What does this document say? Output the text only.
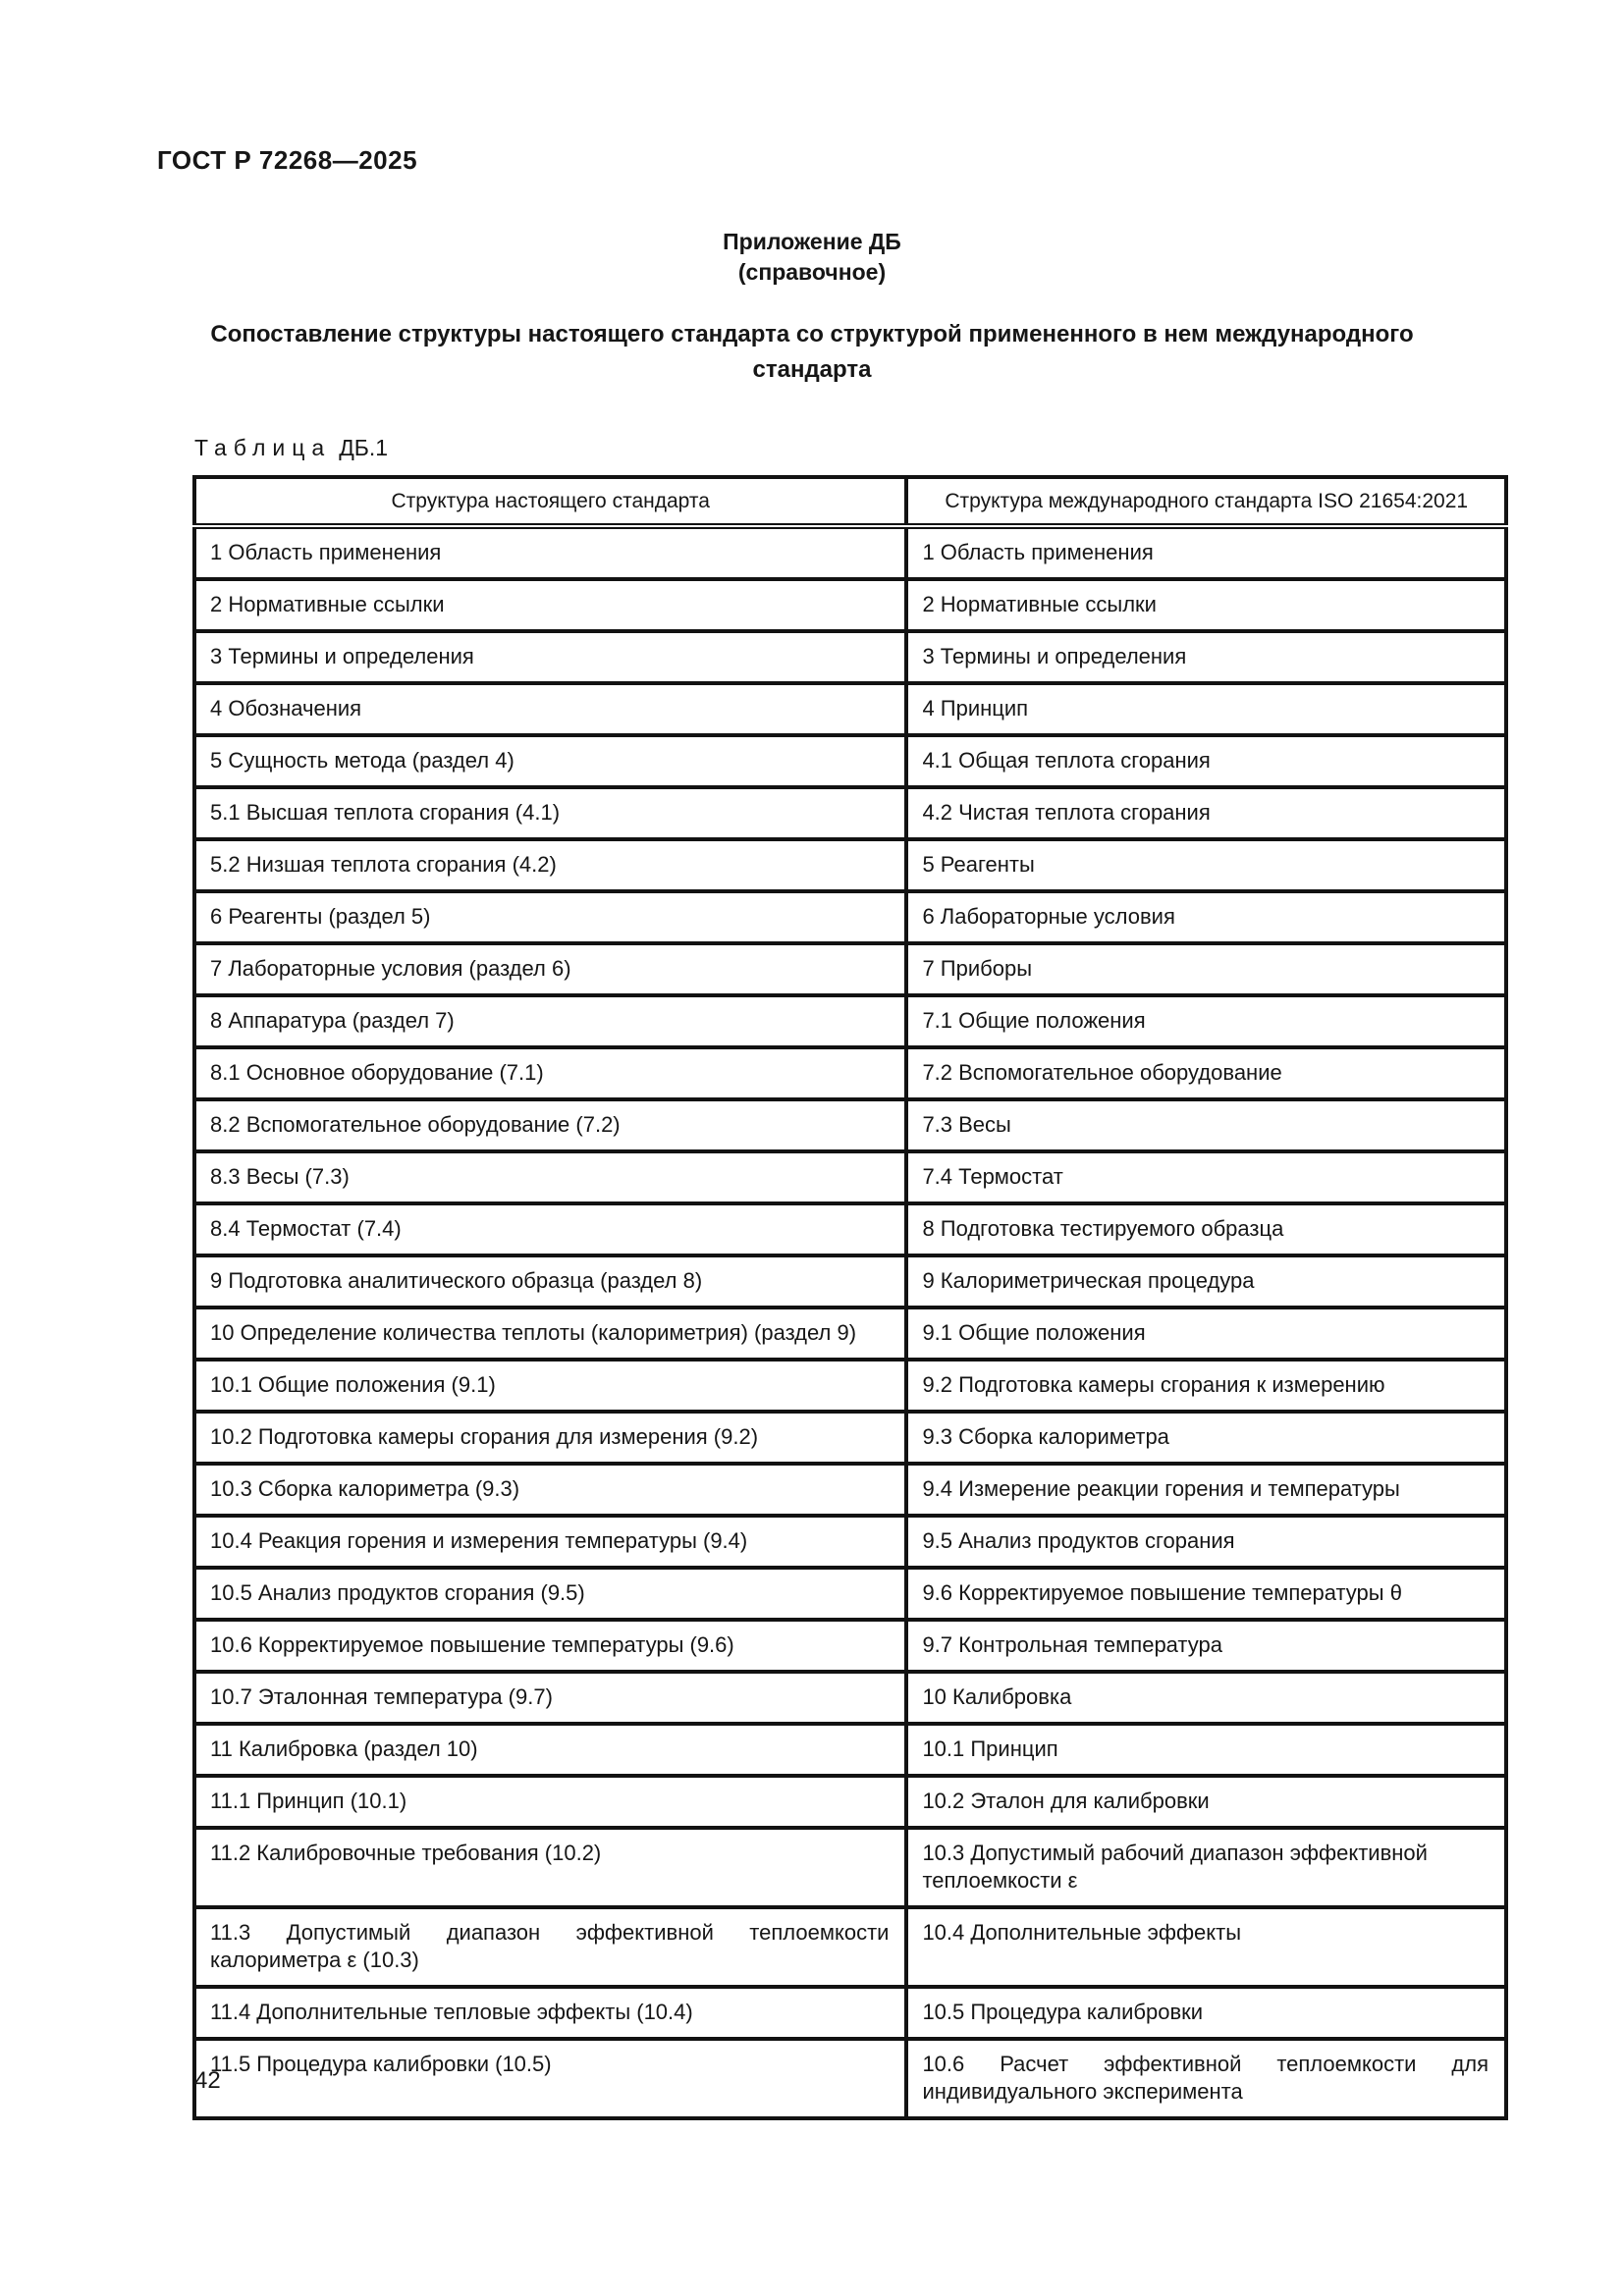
ГОСТ Р 72268—2025
Приложение ДБ
(справочное)
Сопоставление структуры настоящего стандарта со структурой примененного в нем международного стандарта
Таблица ДБ.1
Структура настоящего стандарта	Структура международного стандарта ISO 21654:2021
1 Область применения	1 Область применения
2 Нормативные ссылки	2 Нормативные ссылки
3 Термины и определения	3 Термины и определения
4 Обозначения	4 Принцип
5 Сущность метода (раздел 4)	4.1 Общая теплота сгорания
5.1 Высшая теплота сгорания (4.1)	4.2 Чистая теплота сгорания
5.2 Низшая теплота сгорания (4.2)	5 Реагенты
6 Реагенты (раздел 5)	6 Лабораторные условия
7 Лабораторные условия (раздел 6)	7 Приборы
8 Аппаратура (раздел 7)	7.1 Общие положения
8.1 Основное оборудование (7.1)	7.2 Вспомогательное оборудование
8.2 Вспомогательное оборудование (7.2)	7.3 Весы
8.3 Весы (7.3)	7.4 Термостат
8.4 Термостат (7.4)	8 Подготовка тестируемого образца
9 Подготовка аналитического образца (раздел 8)	9 Калориметрическая процедура
10 Определение количества теплоты (калориметрия) (раздел 9)	9.1 Общие положения
10.1 Общие положения (9.1)	9.2 Подготовка камеры сгорания к измерению
10.2 Подготовка камеры сгорания для измерения (9.2)	9.3 Сборка калориметра
10.3 Сборка калориметра (9.3)	9.4 Измерение реакции горения и температуры
10.4 Реакция горения и измерения температуры (9.4)	9.5 Анализ продуктов сгорания
10.5 Анализ продуктов сгорания (9.5)	9.6 Корректируемое повышение температуры θ
10.6 Корректируемое повышение температуры (9.6)	9.7 Контрольная температура
10.7 Эталонная температура (9.7)	10 Калибровка
11 Калибровка (раздел 10)	10.1 Принцип
11.1 Принцип (10.1)	10.2 Эталон для калибровки
11.2 Калибровочные требования (10.2)	10.3 Допустимый рабочий диапазон эффективной теплоемкости ε
11.3 Допустимый диапазон эффективной теплоемкости калориметра ε (10.3)	10.4 Дополнительные эффекты
11.4 Дополнительные тепловые эффекты (10.4)	10.5 Процедура калибровки
11.5 Процедура калибровки (10.5)	10.6 Расчет эффективной теплоемкости для индивидуального эксперимента
42
